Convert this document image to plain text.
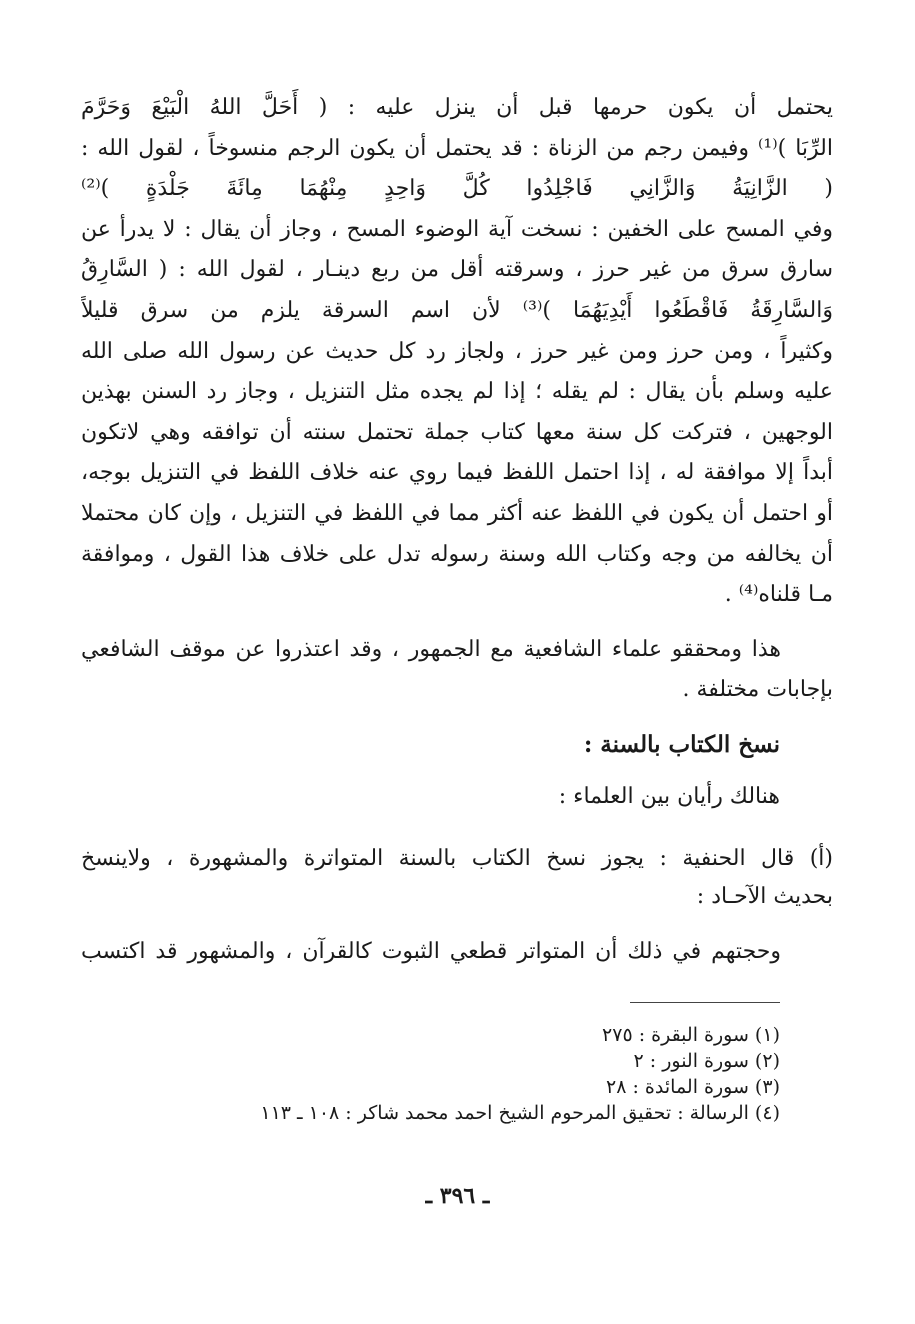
يحتمل أن يكون حرمها قبل أن ينزل عليه : ( أَحَلَّ اللهُ الْبَيْعَ وَحَرَّمَ
الرِّبَا )⁽¹⁾ وفيمن رجم من الزناة : قد يحتمل أن يكون الرجم منسوخاً ، لقول الله :
( الزَّانِيَةُ وَالزَّانِي فَاجْلِدُوا كُلَّ وَاحِدٍ مِنْهُمَا مِائَةَ جَلْدَةٍ )⁽²⁾
وفي المسح على الخفين : نسخت آية الوضوء المسح ، وجاز أن يقال : لا يدرأ عن
سارق سرق من غير حرز ، وسرقته أقل من ربع دينـار ، لقول الله : ( السَّارِقُ
وَالسَّارِقَةُ فَاقْطَعُوا أَيْدِيَهُمَا )⁽³⁾ لأن اسم السرقة يلزم من سرق قليلاً
وكثيراً ، ومن حرز ومن غير حرز ، ولجاز رد كل حديث عن رسول الله صلى الله
عليه وسلم بأن يقال : لم يقله ؛ إذا لم يجده مثل التنزيل ، وجاز رد السنن بهذين
الوجهين ، فتركت كل سنة معها كتاب جملة تحتمل سنته أن توافقه وهي لاتكون
أبداً إلا موافقة له ، إذا احتمل اللفظ فيما روي عنه خلاف اللفظ في التنزيل بوجه،
أو احتمل أن يكون في اللفظ عنه أكثر مما في اللفظ في التنزيل ، وإن كان محتملا
أن يخالفه من وجه وكتاب الله وسنة رسوله تدل على خلاف هذا القول ، وموافقة
مـا قلناه⁽⁴⁾ .
هذا ومحققو علماء الشافعية مع الجمهور ، وقد اعتذروا عن موقف الشافعي
بإجابات مختلفة .
نسخ الكتاب بالسنة :
هنالك رأيان بين العلماء :
(أ) قال الحنفية : يجوز نسخ الكتاب بالسنة المتواترة والمشهورة ، ولاينسخ
بحديث الآحـاد :
وحجتهم في ذلك أن المتواتر قطعي الثبوت كالقرآن ، والمشهور قد اكتسب
(١) سورة البقرة : ٢٧٥
(٢) سورة النور : ٢
(٣) سورة المائدة : ٢٨
(٤) الرسالة : تحقيق المرحوم الشيخ احمد محمد شاكر : ١٠٨ ـ ١١٣
ـ ٣٩٦ ـ
